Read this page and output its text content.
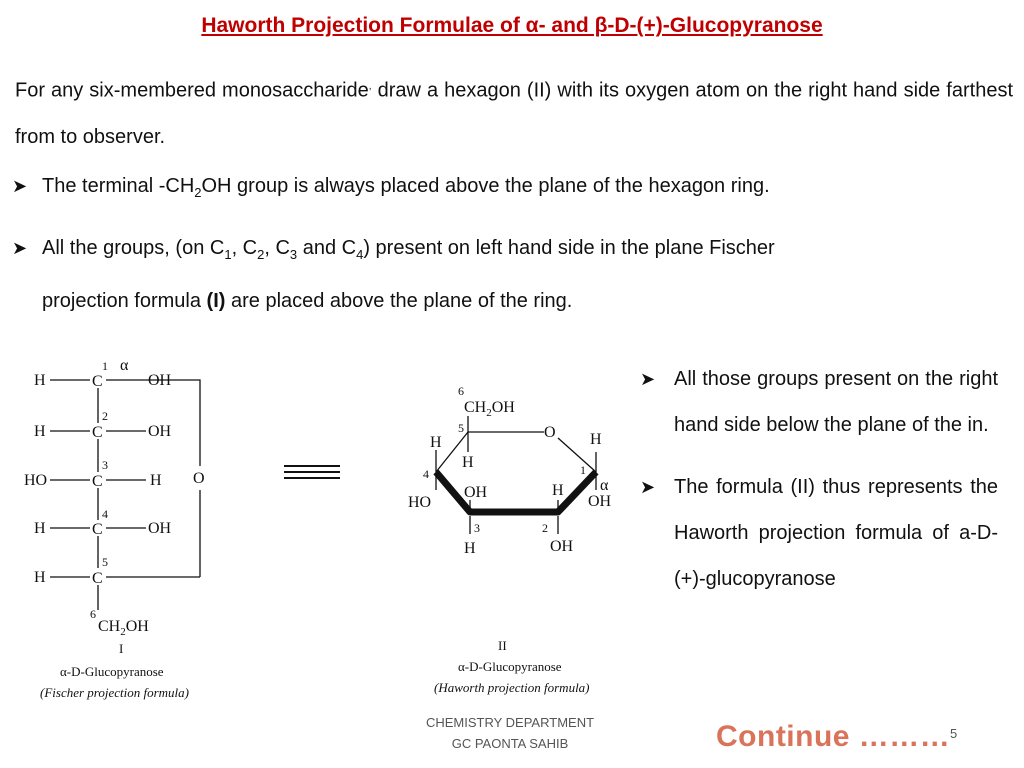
Haworth Projection Formulae of α- and β-D-(+)-Glucopyranose
For any six-membered monosaccharide, draw a hexagon (II) with its oxygen atom on the right hand side farthest from to observer.
➤ The terminal $-CH_2OH$ group is always placed above the plane of the hexagon ring.
➤ All the groups, (on $C_1$, $C_2$, $C_3$ and $C_4$) present on left hand side in the plane Fischer
projection formula (I) are placed above the plane of the ring.
1 α
H	C	OH
2
H	C	OH
3
HO	C	H
4
H	C	OH
5
H	C
O
6
$CH_2OH$
I
α-D-Glucopyranose
(Fischer projection formula)
6
$CH_2OH$
5	O
4	1
3	2
H
HO
H
H
α
OH
OH
H
H
OH
II
α-D-Glucopyranose
(Haworth projection formula)
➤ All those groups present on the right hand side below the plane of the in.
➤ The formula (II) thus represents the Haworth projection formula of a-D-(+)-glucopyranose
CHEMISTRY DEPARTMENT
GC PAONTA SAHIB	Continue ……… 5
